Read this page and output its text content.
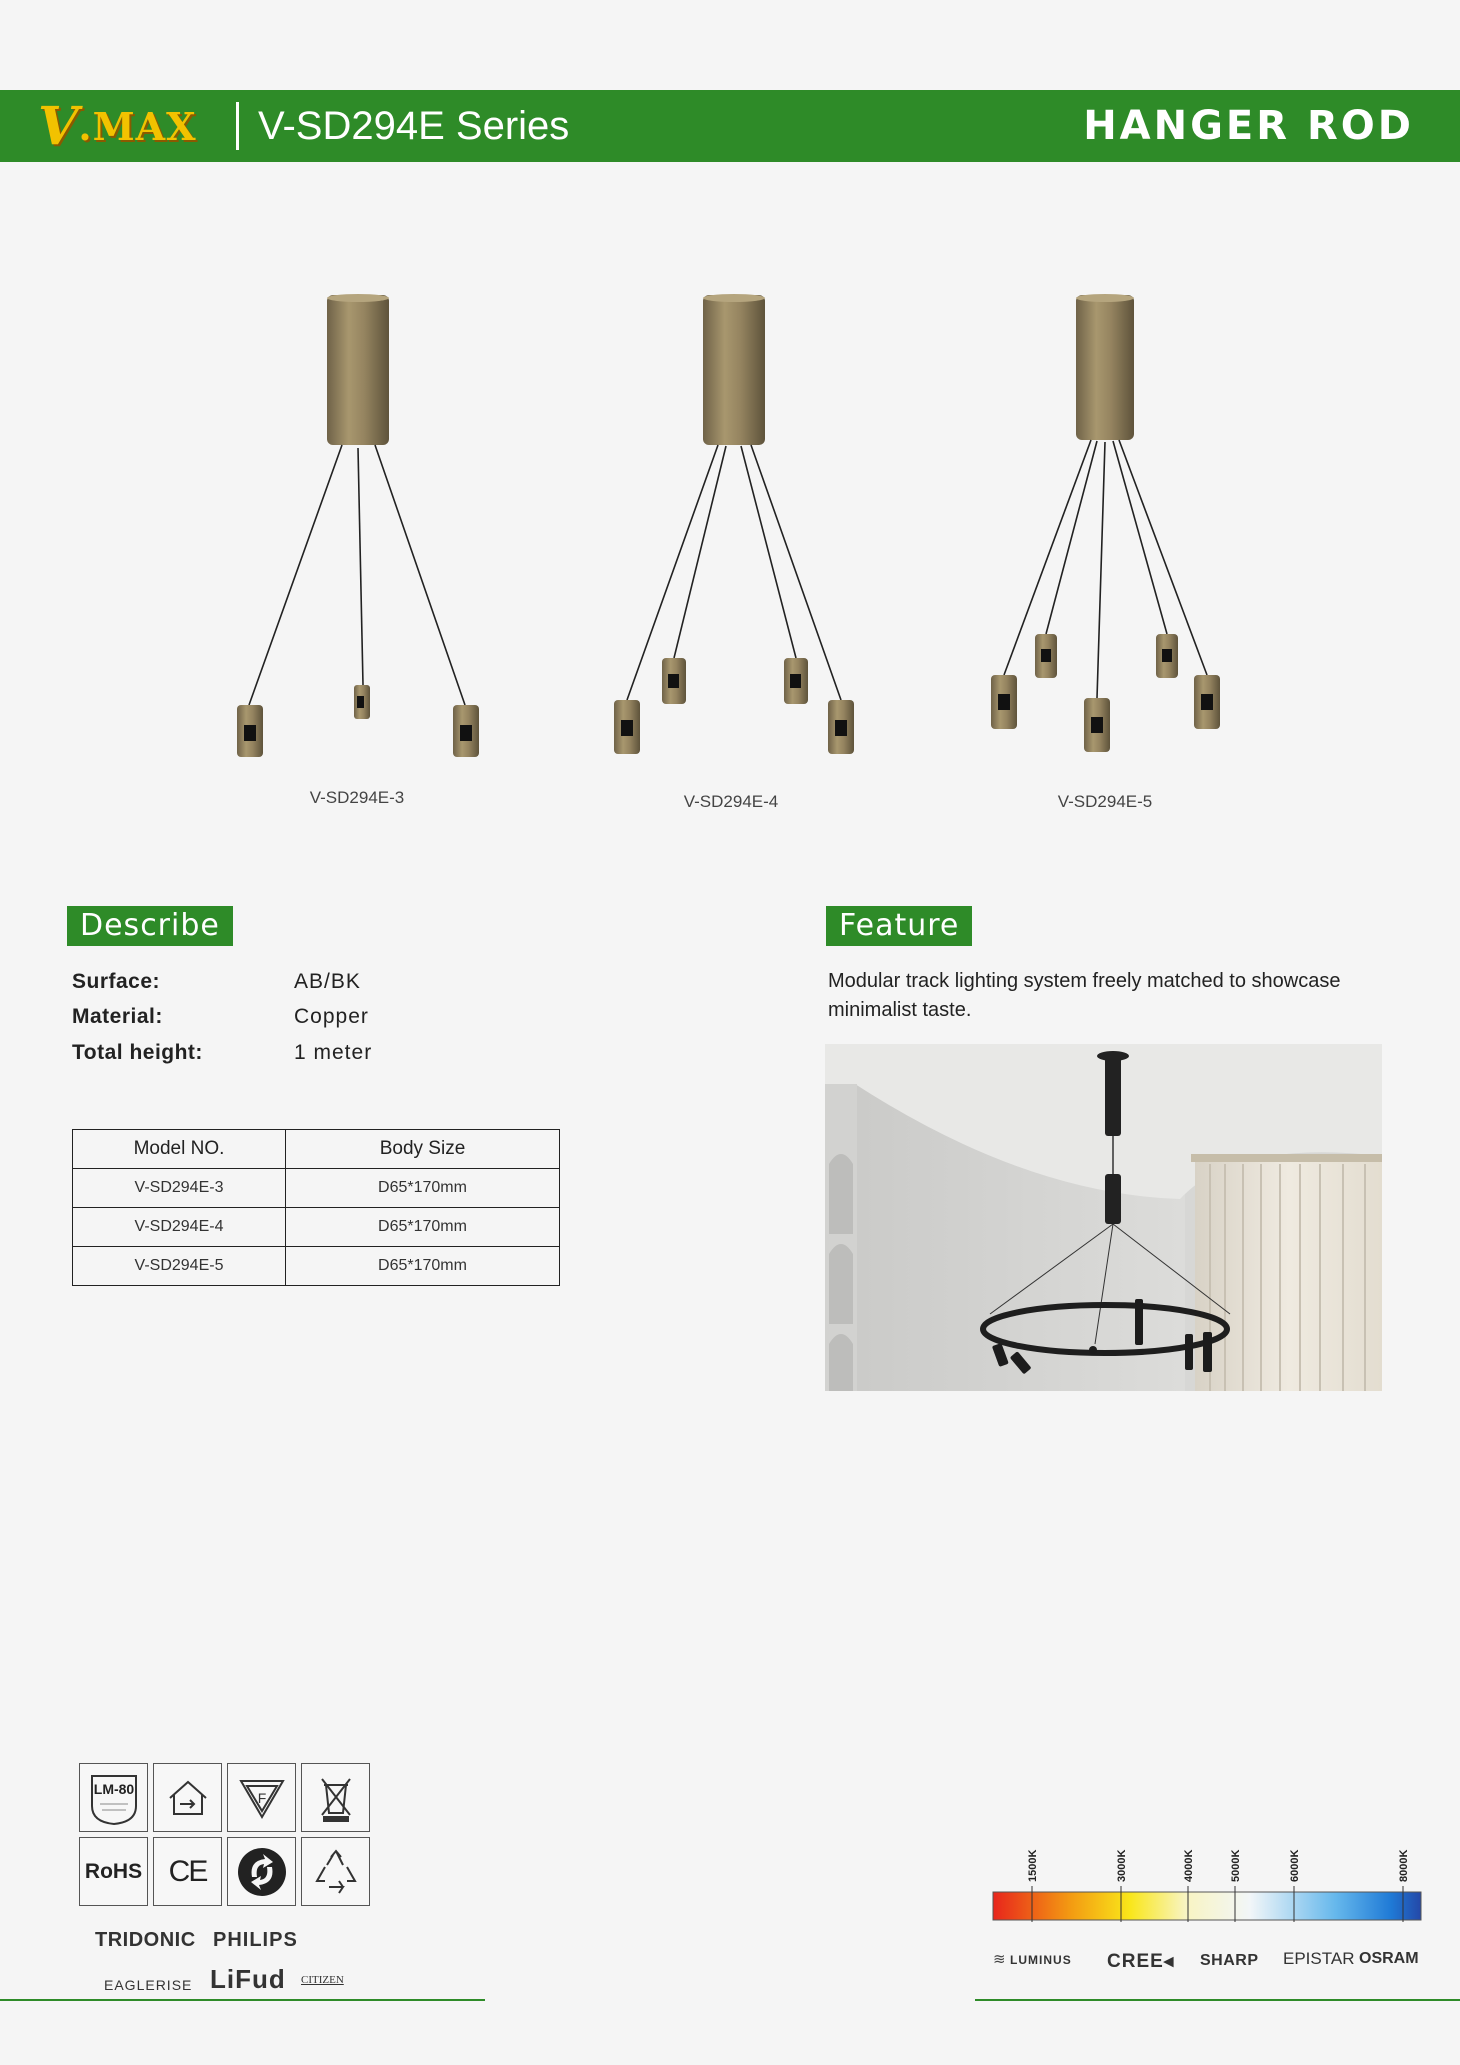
V .MAX V-SD294E Series	HANGER ROD
V-SD294E-3	V-SD294E-4	V-SD294E-5
Describe
Surface:	AB/BK
Material:	Copper
Total height:	1 meter
Model NO.	Body Size
V-SD294E-3	D65*170mm
V-SD294E-4	D65*170mm
V-SD294E-5	D65*170mm
Feature
Modular track lighting system freely matched to showcase minimalist taste.
LM-80
F
RoHS CE
TRIDONIC PHILIPS
EAGLERISE LiFud CITIZEN
1500K	3000K	4000K	5000K	6000K	8000K
≋ LUMINUS CREE◂ SHARP EPISTAR OSRAM
